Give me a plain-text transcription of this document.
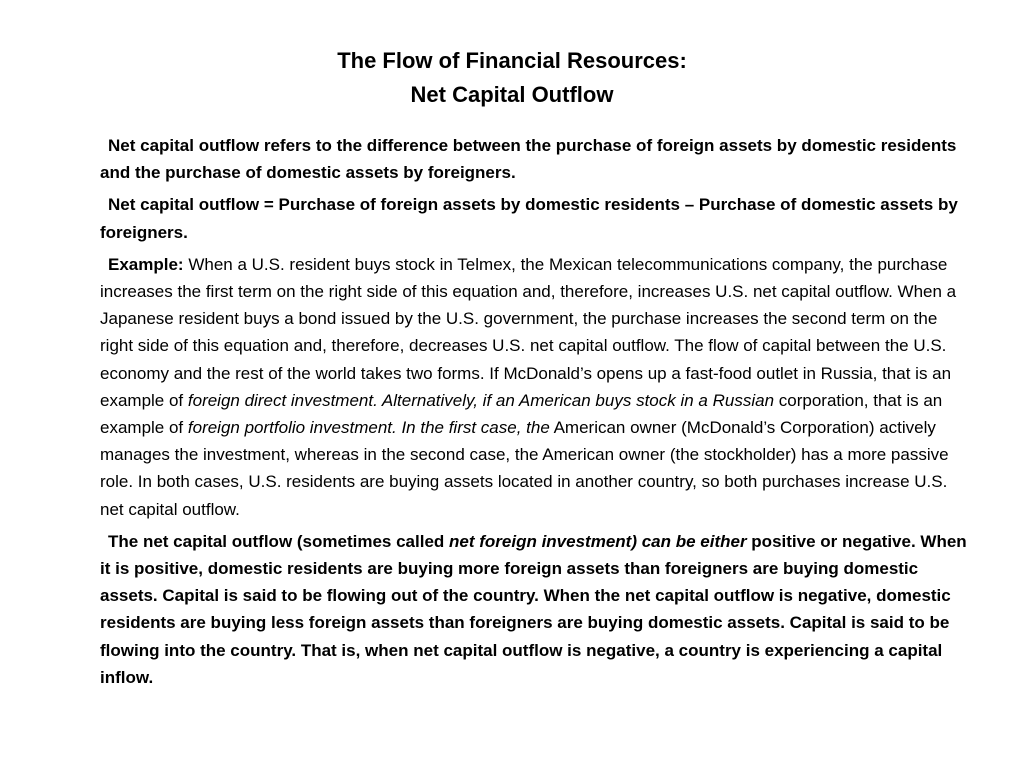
The Flow of Financial Resources:
Net Capital Outflow

Net capital outflow refers to the difference between the purchase of foreign assets by domestic residents and the purchase of domestic assets by foreigners.

Net capital outflow = Purchase of foreign assets by domestic residents – Purchase of domestic assets by foreigners.

Example: When a U.S. resident buys stock in Telmex, the Mexican telecommunications company, the purchase increases the first term on the right side of this equation and, therefore, increases U.S. net capital outflow. When a Japanese resident buys a bond issued by the U.S. government, the purchase increases the second term on the right side of this equation and, therefore, decreases U.S. net capital outflow. The flow of capital between the U.S. economy and the rest of the world takes two forms. If McDonald’s opens up a fast-food outlet in Russia, that is an example of foreign direct investment. Alternatively, if an American buys stock in a Russian corporation, that is an example of foreign portfolio investment. In the first case, the American owner (McDonald’s Corporation) actively manages the investment, whereas in the second case, the American owner (the stockholder) has a more passive role. In both cases, U.S. residents are buying assets located in another country, so both purchases increase U.S. net capital outflow.

The net capital outflow (sometimes called net foreign investment) can be either positive or negative. When it is positive, domestic residents are buying more foreign assets than foreigners are buying domestic assets. Capital is said to be flowing out of the country. When the net capital outflow is negative, domestic residents are buying less foreign assets than foreigners are buying domestic assets. Capital is said to be flowing into the country. That is, when net capital outflow is negative, a country is experiencing a capital inflow.
